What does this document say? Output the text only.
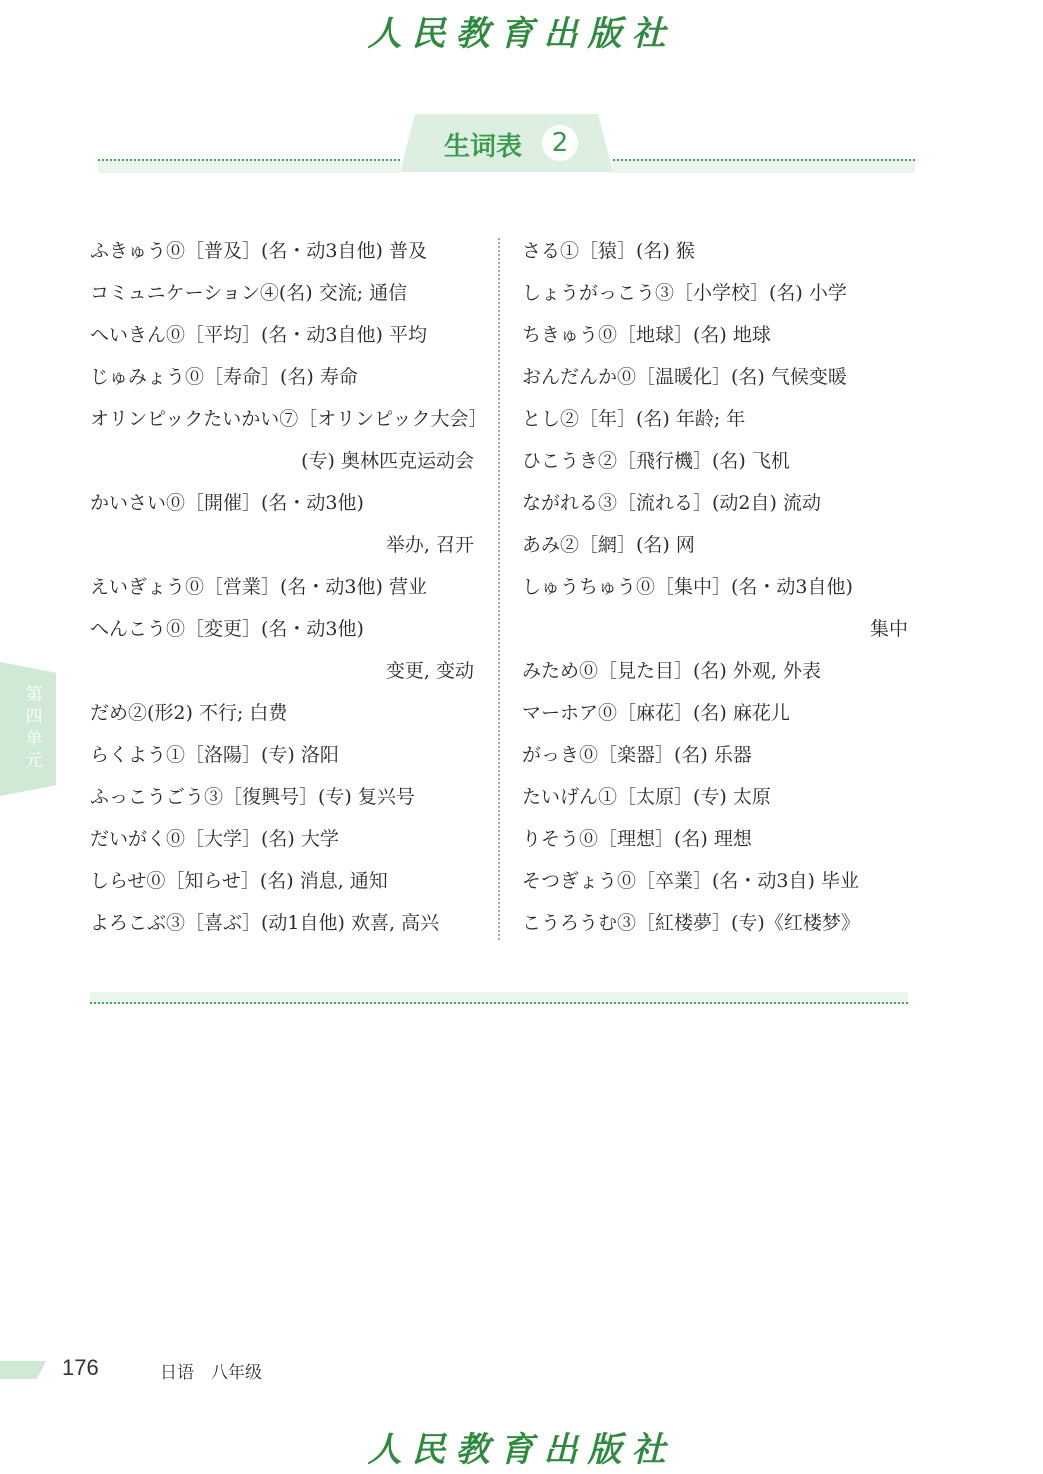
人民教育出版社
生词表	2
ふきゅう⓪［普及］(名・动3自他) 普及
コミュニケーション④(名) 交流; 通信
へいきん⓪［平均］(名・动3自他) 平均
じゅみょう⓪［寿命］(名) 寿命
オリンピックたいかい⑦［オリンピック大会］
(专) 奥林匹克运动会
かいさい⓪［開催］(名・动3他)
举办, 召开
えいぎょう⓪［営業］(名・动3他) 营业
へんこう⓪［変更］(名・动3他)
变更, 变动
だめ②(形2) 不行; 白费
らくよう①［洛陽］(专) 洛阳
ふっこうごう③［復興号］(专) 复兴号
だいがく⓪［大学］(名) 大学
しらせ⓪［知らせ］(名) 消息, 通知
よろこぶ③［喜ぶ］(动1自他) 欢喜, 高兴
さる①［猿］(名) 猴
しょうがっこう③［小学校］(名) 小学
ちきゅう⓪［地球］(名) 地球
おんだんか⓪［温暖化］(名) 气候变暖
とし②［年］(名) 年龄; 年
ひこうき②［飛行機］(名) 飞机
ながれる③［流れる］(动2自) 流动
あみ②［網］(名) 网
しゅうちゅう⓪［集中］(名・动3自他)
集中
みため⓪［見た目］(名) 外观, 外表
マーホア⓪［麻花］(名) 麻花儿
がっき⓪［楽器］(名) 乐器
たいげん①［太原］(专) 太原
りそう⓪［理想］(名) 理想
そつぎょう⓪［卒業］(名・动3自) 毕业
こうろうむ③［紅楼夢］(专)《红楼梦》
第四单元
176	日语　八年级
人民教育出版社
